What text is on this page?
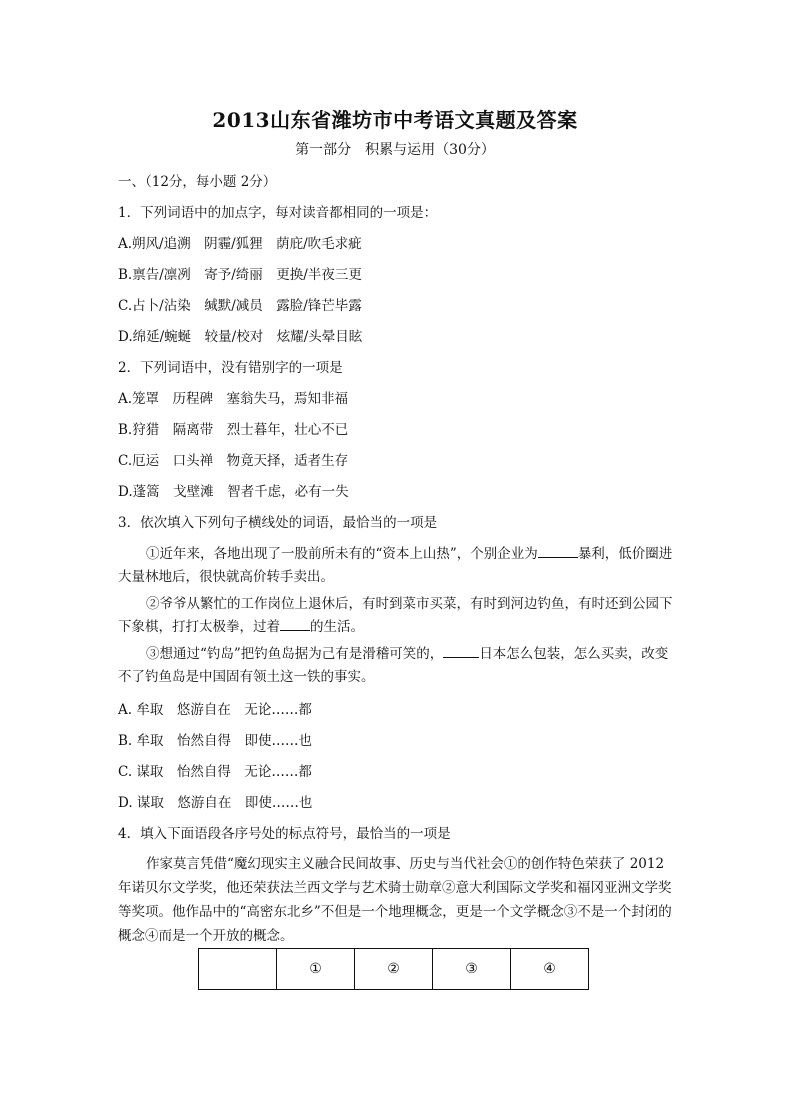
2013山东省潍坊市中考语文真题及答案
第一部分　积累与运用（30分）
一、（12分，每小题 2分）
1．下列词语中的加点字，每对读音都相同的一项是：
A.朔风/追溯　阴霾/狐狸　荫庇/吹毛求疵
B.禀告/凛冽　寄予/绮丽　更换/半夜三更
C.占卜/沾染　缄默/减员　露脸/锋芒毕露
D.绵延/蜿蜒　较量/校对　炫耀/头晕目眩
2．下列词语中，没有错别字的一项是
A.笼罩　历程碑　塞翁失马，焉知非福
B.狩猎　隔离带　烈士暮年，壮心不已
C.厄运　口头禅　物竟天择，适者生存
D.蓬篙　戈壁滩　智者千虑，必有一失
3．依次填入下列句子横线处的词语，最恰当的一项是
①近年来，各地出现了一股前所未有的“资本上山热”，个别企业为	暴利，低价圈进大量林地后，很快就高价转手卖出。
②爷爷从繁忙的工作岗位上退休后，有时到菜市买菜，有时到河边钓鱼，有时还到公园下下象棋，打打太极拳，过着 的生活。
③想通过“钓岛”把钓鱼岛据为己有是滑稽可笑的，	日本怎么包装，怎么买卖，改变不了钓鱼岛是中国固有领土这一铁的事实。
A. 牟取　悠游自在　无论……都
B. 牟取　怡然自得　即使……也
C. 谋取　怡然自得　无论……都
D. 谋取　悠游自在　即使……也
4．填入下面语段各序号处的标点符号，最恰当的一项是
作家莫言凭借“魔幻现实主义融合民间故事、历史与当代社会①的创作特色荣获了 2012 年诺贝尔文学奖，他还荣获法兰西文学与艺术骑士勋章②意大利国际文学奖和福冈亚洲文学奖等奖项。他作品中的“高密东北乡”不但是一个地理概念，更是一个文学概念③不是一个封闭的概念④而是一个开放的概念。
	①	②	③	④
